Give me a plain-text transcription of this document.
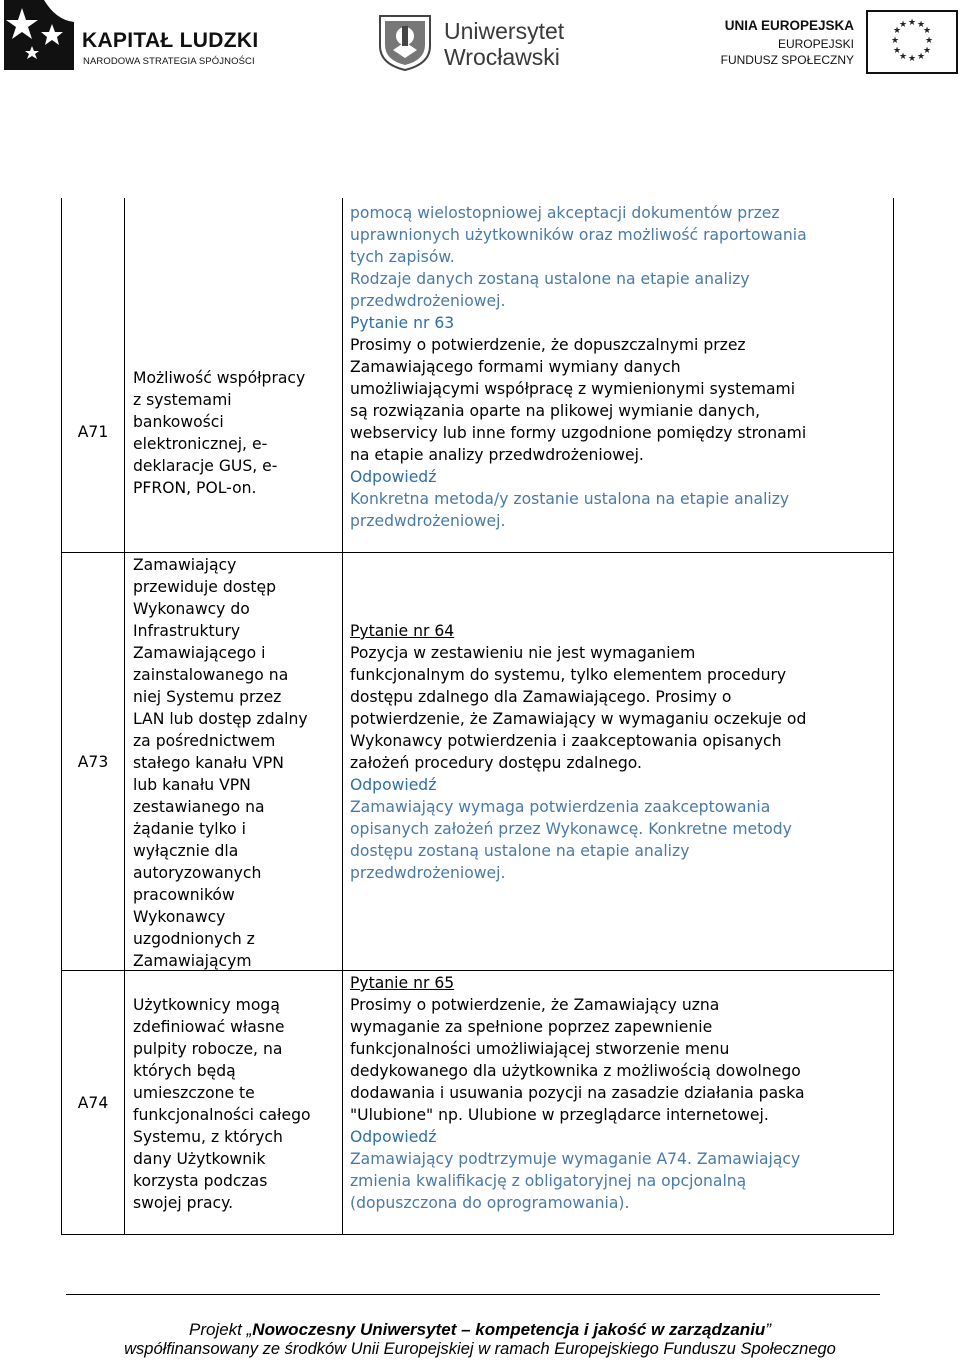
KAPITAŁ LUDZKI
NARODOWA STRATEGIA SPÓJNOŚCI
Uniwersytet
Wrocławski
UNIA EUROPEJSKA
EUROPEJSKI
FUNDUSZ SPOŁECZNY
★ ★
★
★
★
★
★
★
★
★
★
★
A71
Możliwość współpracy
z systemami
bankowości
elektronicznej, e-
deklaracje GUS, e-
PFRON, POL-on.
pomocą wielostopniowej akceptacji dokumentów przez
uprawnionych użytkowników oraz możliwość raportowania
tych zapisów.
Rodzaje danych zostaną ustalone na etapie analizy
przedwdrożeniowej.
Pytanie nr 63
Prosimy o potwierdzenie, że dopuszczalnymi przez
Zamawiającego formami wymiany danych
umożliwiającymi współpracę z wymienionymi systemami
są rozwiązania oparte na plikowej wymianie danych,
webservicy lub inne formy uzgodnione pomiędzy stronami
na etapie analizy przedwdrożeniowej.
Odpowiedź
Konkretna metoda/y zostanie ustalona na etapie analizy
przedwdrożeniowej.
A73
Zamawiający
przewiduje dostęp
Wykonawcy do
Infrastruktury
Zamawiającego i
zainstalowanego na
niej Systemu przez
LAN lub dostęp zdalny
za pośrednictwem
stałego kanału VPN
lub kanału VPN
zestawianego na
żądanie tylko i
wyłącznie dla
autoryzowanych
pracowników
Wykonawcy
uzgodnionych z
Zamawiającym
Pytanie nr 64
Pozycja w zestawieniu nie jest wymaganiem
funkcjonalnym do systemu, tylko elementem procedury
dostępu zdalnego dla Zamawiającego. Prosimy o
potwierdzenie, że Zamawiający w wymaganiu oczekuje od
Wykonawcy potwierdzenia i zaakceptowania opisanych
założeń procedury dostępu zdalnego.
Odpowiedź
Zamawiający wymaga potwierdzenia zaakceptowania
opisanych założeń przez Wykonawcę. Konkretne metody
dostępu zostaną ustalone na etapie analizy
przedwdrożeniowej.
A74
Użytkownicy mogą
zdefiniować własne
pulpity robocze, na
których będą
umieszczone te
funkcjonalności całego
Systemu, z których
dany Użytkownik
korzysta podczas
swojej pracy.
Pytanie nr 65
Prosimy o potwierdzenie, że Zamawiający uzna
wymaganie za spełnione poprzez zapewnienie
funkcjonalności umożliwiającej stworzenie menu
dedykowanego dla użytkownika z możliwością dowolnego
dodawania i usuwania pozycji na zasadzie działania paska
"Ulubione" np. Ulubione w przeglądarce internetowej.
Odpowiedź
Zamawiający podtrzymuje wymaganie A74. Zamawiający
zmienia kwalifikację z obligatoryjnej na opcjonalną
(dopuszczona do oprogramowania).
Projekt „Nowoczesny Uniwersytet – kompetencja i jakość w zarządzaniu”
współfinansowany ze środków Unii Europejskiej w ramach Europejskiego Funduszu Społecznego
